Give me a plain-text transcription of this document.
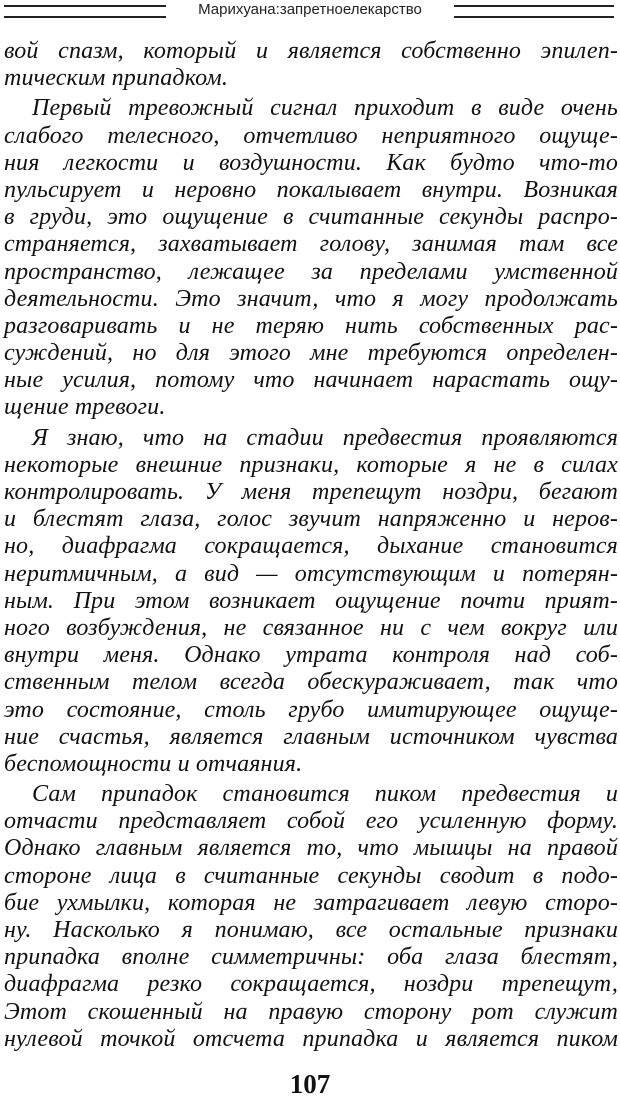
Марихуана:запретноелекарство

вой спазм, который и является собственно эпилеп-
тическим припадком.

Первый тревожный сигнал приходит в виде очень
слабого телесного, отчетливо неприятного ощуще-
ния легкости и воздушности. Как будто что-то
пульсирует и неровно покалывает внутри. Возникая
в груди, это ощущение в считанные секунды распро-
страняется, захватывает голову, занимая там все
пространство, лежащее за пределами умственной
деятельности. Это значит, что я могу продолжать
разговаривать и не теряю нить собственных рас-
суждений, но для этого мне требуются определен-
ные усилия, потому что начинает нарастать ощу-
щение тревоги.

Я знаю, что на стадии предвестия проявляются
некоторые внешние признаки, которые я не в силах
контролировать. У меня трепещут ноздри, бегают
и блестят глаза, голос звучит напряженно и неров-
но, диафрагма сокращается, дыхание становится
неритмичным, а вид — отсутствующим и потерян-
ным. При этом возникает ощущение почти прият-
ного возбуждения, не связанное ни с чем вокруг или
внутри меня. Однако утрата контроля над соб-
ственным телом всегда обескураживает, так что
это состояние, столь грубо имитирующее ощуще-
ние счастья, является главным источником чувства
беспомощности и отчаяния.

Сам припадок становится пиком предвестия и
отчасти представляет собой его усиленную форму.
Однако главным является то, что мышцы на правой
стороне лица в считанные секунды сводит в подо-
бие ухмылки, которая не затрагивает левую сторо-
ну. Насколько я понимаю, все остальные признаки
припадка вполне симметричны: оба глаза блестят,
диафрагма резко сокращается, ноздри трепещут,
Этот скошенный на правую сторону рот служит
нулевой точкой отсчета припадка и является пиком

107
